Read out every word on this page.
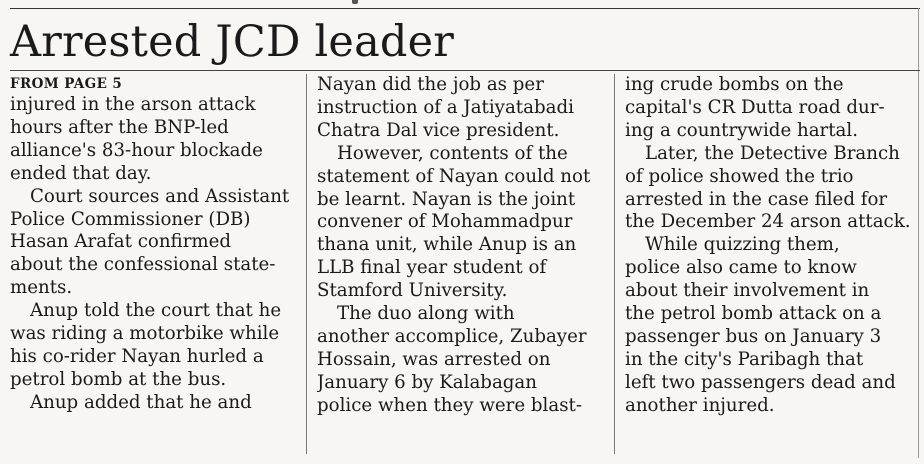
Arrested JCD leader
FROM PAGE 5
injured in the arson attack
hours after the BNP-led
alliance's 83-hour blockade
ended that day.
Court sources and Assistant
Police Commissioner (DB)
Hasan Arafat confirmed
about the confessional state-
ments.
Anup told the court that he
was riding a motorbike while
his co-rider Nayan hurled a
petrol bomb at the bus.
Anup added that he and
Nayan did the job as per
instruction of a Jatiyatabadi
Chatra Dal vice president.
However, contents of the
statement of Nayan could not
be learnt. Nayan is the joint
convener of Mohammadpur
thana unit, while Anup is an
LLB final year student of
Stamford University.
The duo along with
another accomplice, Zubayer
Hossain, was arrested on
January 6 by Kalabagan
police when they were blast-
ing crude bombs on the
capital's CR Dutta road dur-
ing a countrywide hartal.
Later, the Detective Branch
of police showed the trio
arrested in the case filed for
the December 24 arson attack.
While quizzing them,
police also came to know
about their involvement in
the petrol bomb attack on a
passenger bus on January 3
in the city's Paribagh that
left two passengers dead and
another injured.
